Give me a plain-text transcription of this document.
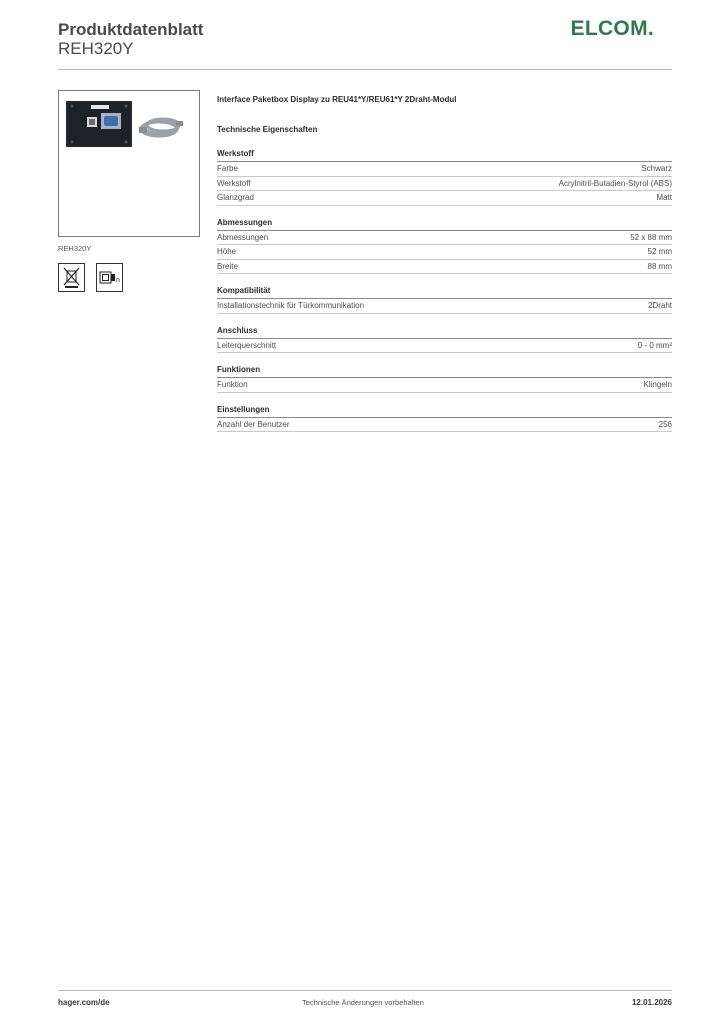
Produktdatenblatt
REH320Y
ELCOM.
REH320Y
n
Interface Paketbox Display zu REU41*Y/REU61*Y 2Draht-Modul
Technische Eigenschaften
Werkstoff
Farbe	Schwarz
Werkstoff	Acrylnitril-Butadien-Styrol (ABS)
Glanzgrad	Matt
Abmessungen
Abmessungen	52 x 88 mm
Höhe	52 mm
Breite	88 mm
Kompatibilität
Installationstechnik für Türkommunikation	2Draht
Anschluss
Leiterquerschnitt	0 - 0 mm²
Funktionen
Funktion	Klingeln
Einstellungen
Anzahl der Benutzer	256
hager.com/de	Technische Änderungen vorbehalten	12.01.2026
